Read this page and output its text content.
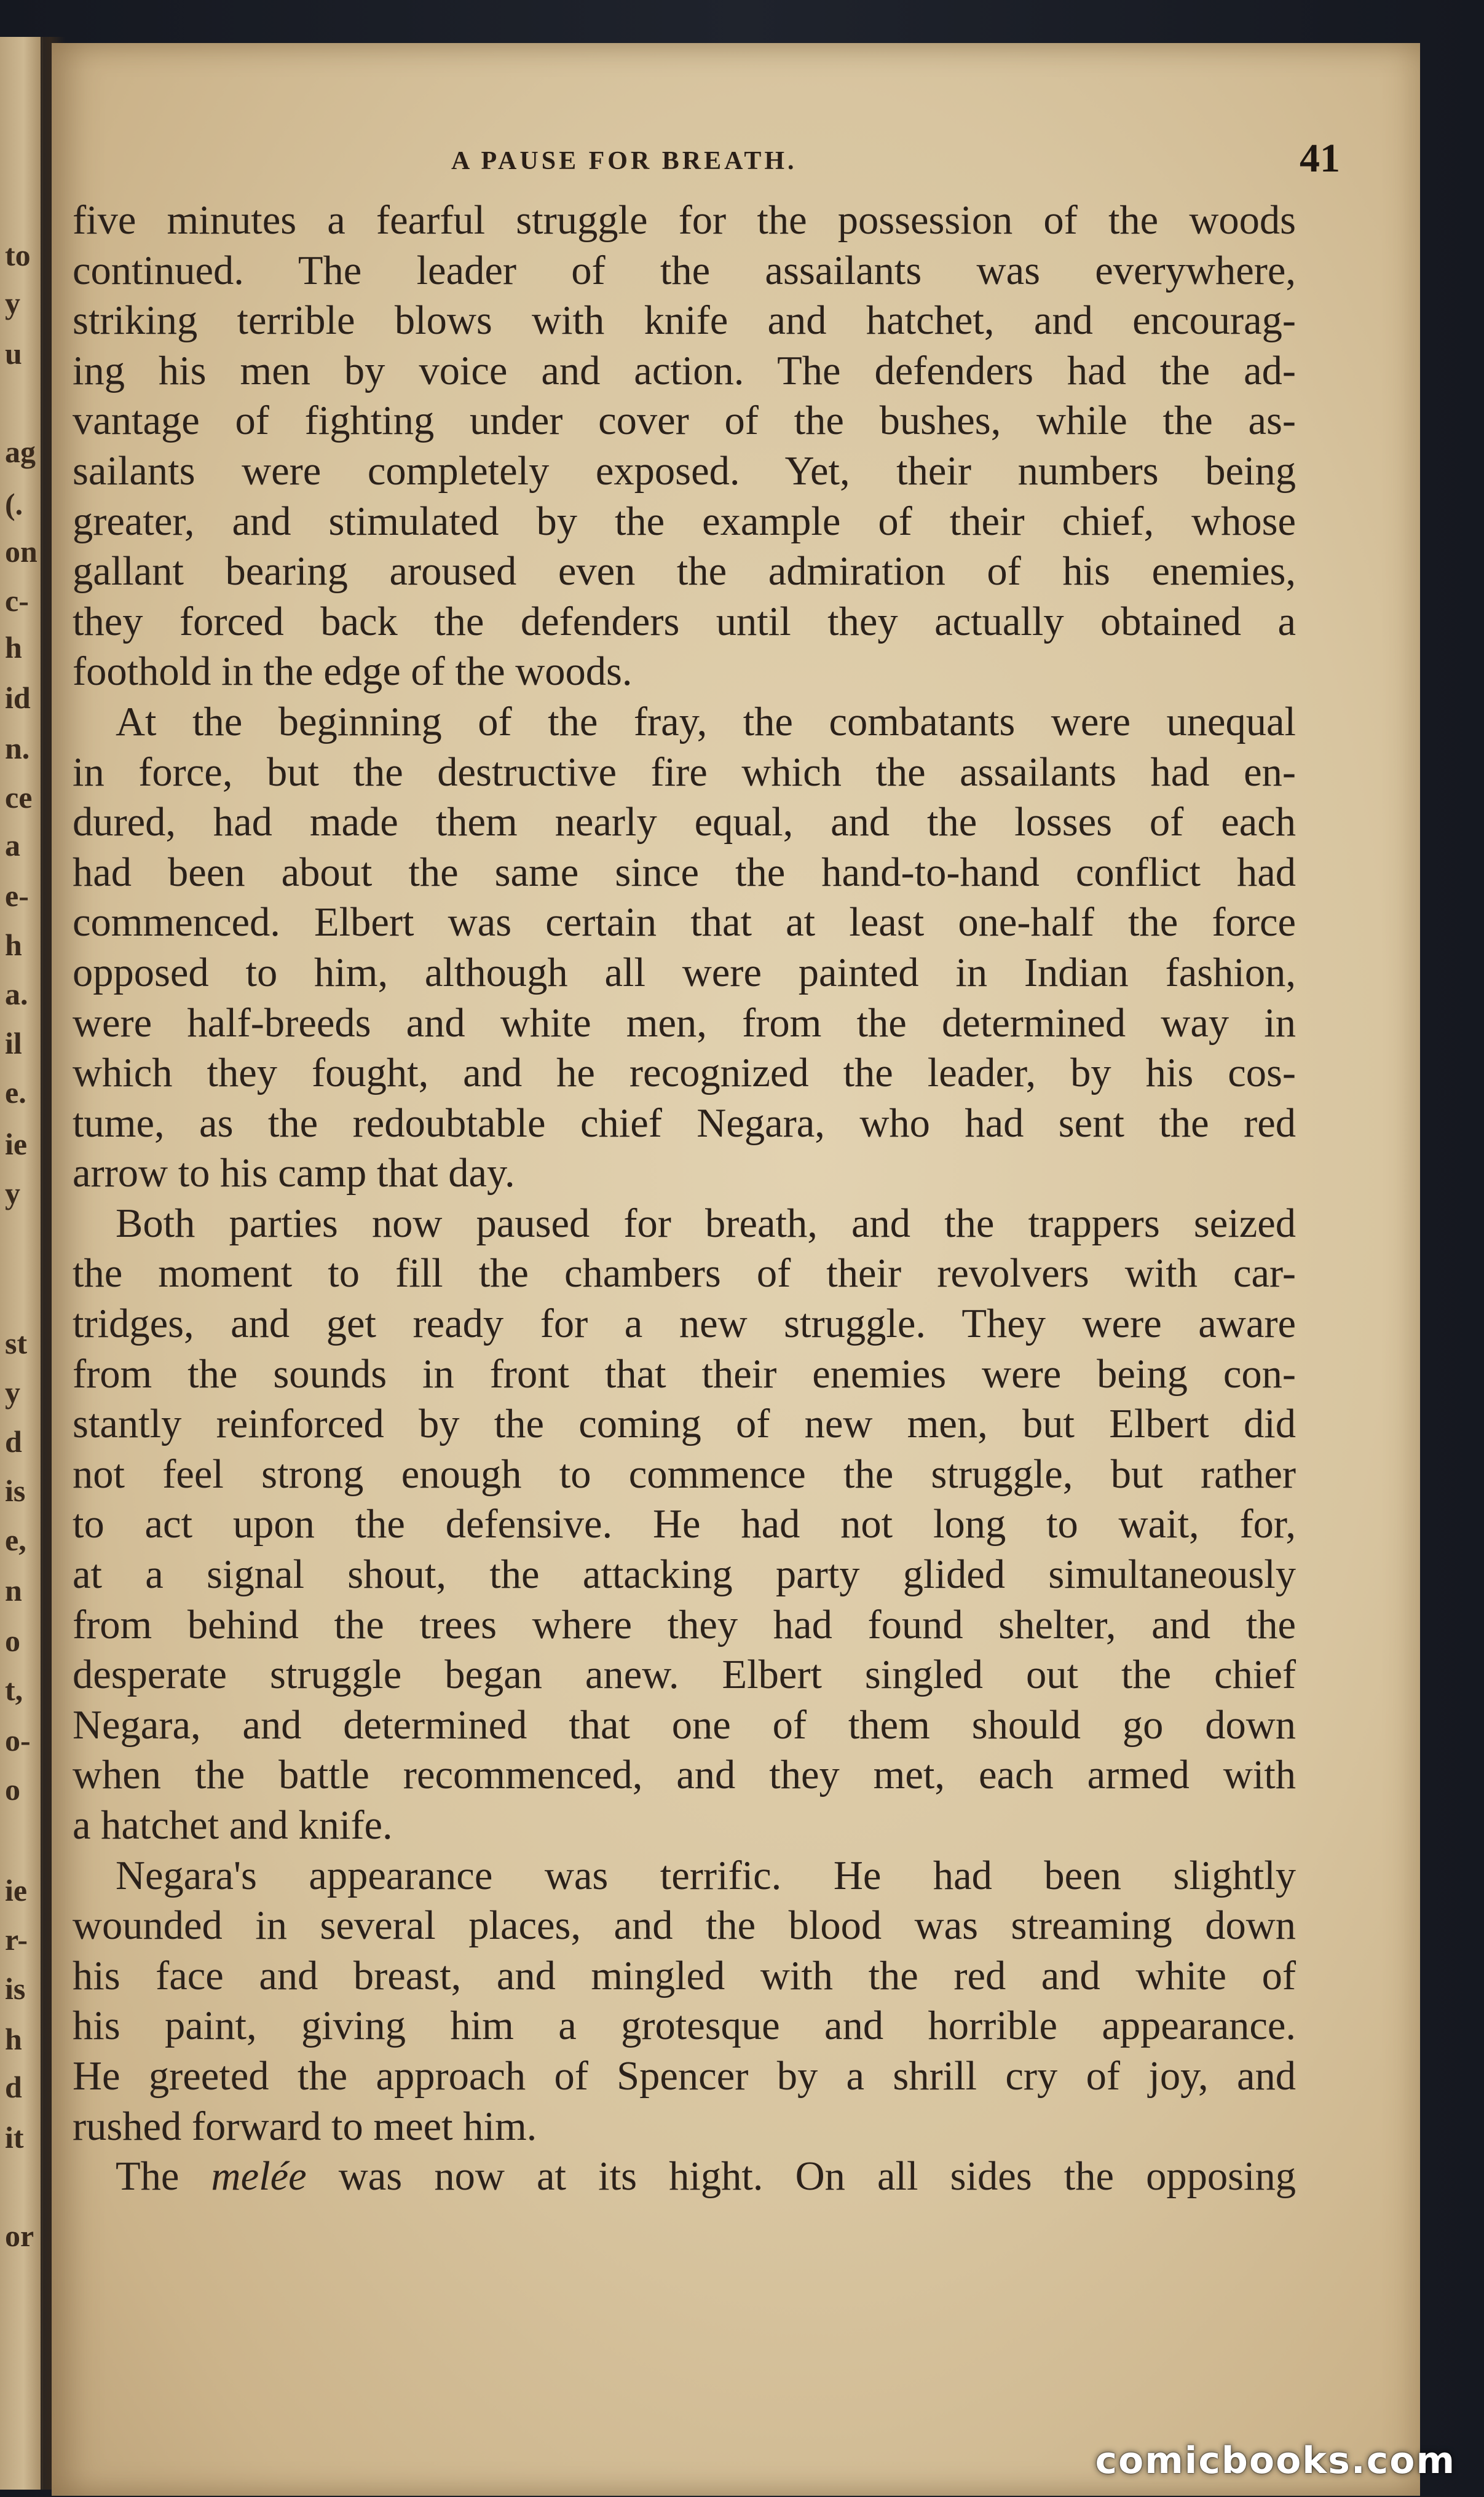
to
y
u
ag
(.
on
c-
h
id
n.
ce
a
e-
h
a.
il
e.
ie
y
st
y
d
is
e,
n
o
t,
o-
o
ie
r-
is
h
d
it
or
A PAUSE FOR BREATH.	41
five minutes a fearful struggle for the possession of the woods
continued. The leader of the assailants was everywhere,
striking terrible blows with knife and hatchet, and encourag-
ing his men by voice and action. The defenders had the ad-
vantage of fighting under cover of the bushes, while the as-
sailants were completely exposed. Yet, their numbers being
greater, and stimulated by the example of their chief, whose
gallant bearing aroused even the admiration of his enemies,
they forced back the defenders until they actually obtained a
foothold in the edge of the woods.
At the beginning of the fray, the combatants were unequal
in force, but the destructive fire which the assailants had en-
dured, had made them nearly equal, and the losses of each
had been about the same since the hand-to-hand conflict had
commenced. Elbert was certain that at least one-half the force
opposed to him, although all were painted in Indian fashion,
were half-breeds and white men, from the determined way in
which they fought, and he recognized the leader, by his cos-
tume, as the redoubtable chief Negara, who had sent the red
arrow to his camp that day.
Both parties now paused for breath, and the trappers seized
the moment to fill the chambers of their revolvers with car-
tridges, and get ready for a new struggle. They were aware
from the sounds in front that their enemies were being con-
stantly reinforced by the coming of new men, but Elbert did
not feel strong enough to commence the struggle, but rather
to act upon the defensive. He had not long to wait, for,
at a signal shout, the attacking party glided simultaneously
from behind the trees where they had found shelter, and the
desperate struggle began anew. Elbert singled out the chief
Negara, and determined that one of them should go down
when the battle recommenced, and they met, each armed with
a hatchet and knife.
Negara's appearance was terrific. He had been slightly
wounded in several places, and the blood was streaming down
his face and breast, and mingled with the red and white of
his paint, giving him a grotesque and horrible appearance.
He greeted the approach of Spencer by a shrill cry of joy, and
rushed forward to meet him.
The melée was now at its hight. On all sides the opposing
comicbooks.com
